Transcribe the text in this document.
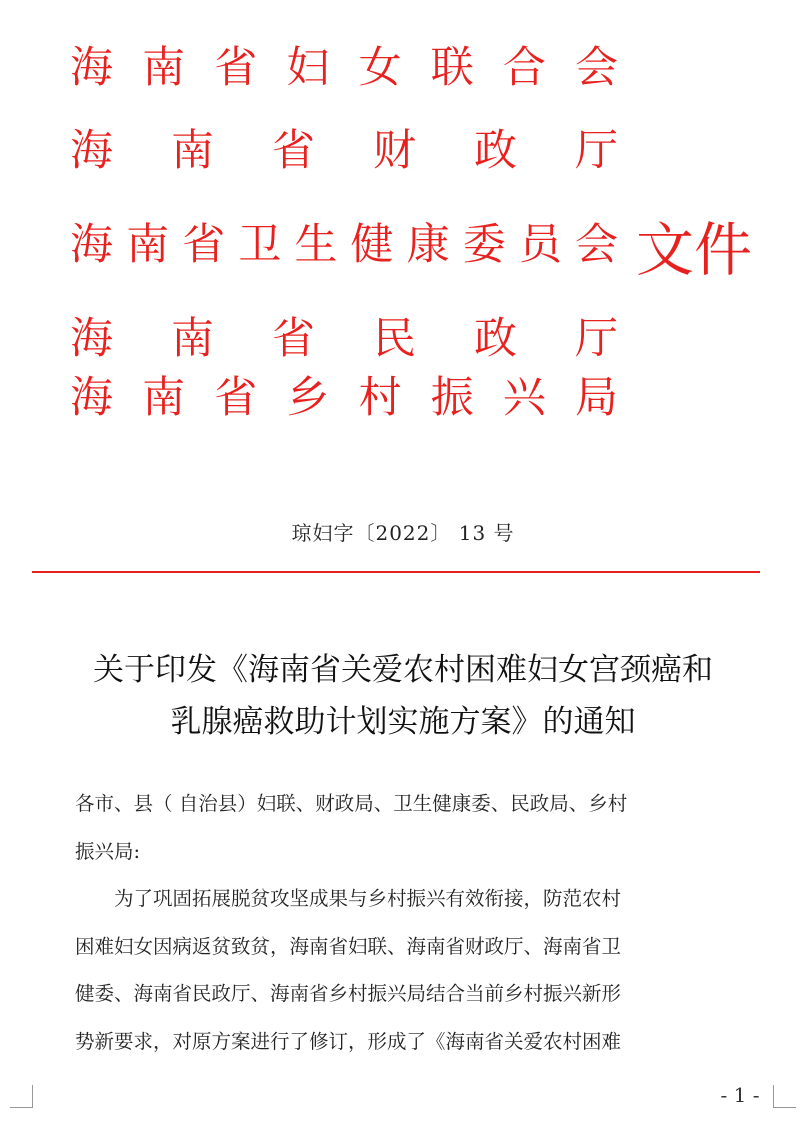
海 南 省 妇 女 联 合 会
海 南 省 财 政 厅
海 南 省 卫 生 健 康 委 员 会
海 南 省 民 政 厅
海 南 省 乡 村 振 兴 局
文件
琼妇字〔2022〕 13 号
关于印发《海南省关爱农村困难妇女宫颈癌和
乳腺癌救助计划实施方案》的通知
各市、县（ 自治县）妇联、财政局、卫生健康委、民政局、乡村
振兴局:
　　为了巩固拓展脱贫攻坚成果与乡村振兴有效衔接，防范农村
困难妇女因病返贫致贫，海南省妇联、海南省财政厅、海南省卫
健委、海南省民政厅、海南省乡村振兴局结合当前乡村振兴新形
势新要求，对原方案进行了修订，形成了《海南省关爱农村困难
- 1 -
